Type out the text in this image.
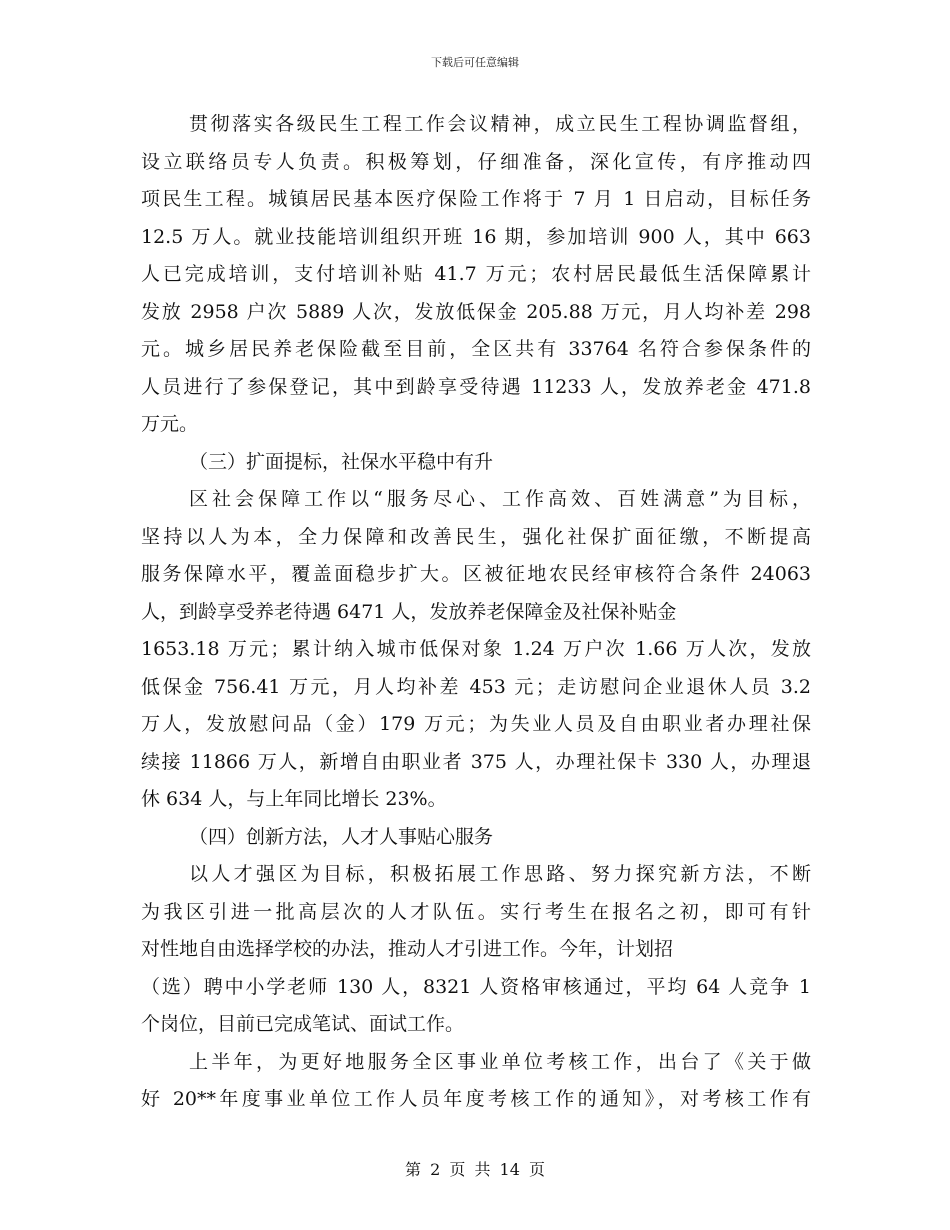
下载后可任意编辑
贯彻落实各级民生工程工作会议精神，成立民生工程协调监督组，
设立联络员专人负责。积极筹划，仔细准备，深化宣传，有序推动四
项民生工程。城镇居民基本医疗保险工作将于 7 月 1 日启动，目标任务
12.5 万人。就业技能培训组织开班 16 期，参加培训 900 人，其中 663
人已完成培训，支付培训补贴 41.7 万元；农村居民最低生活保障累计
发放 2958 户次 5889 人次，发放低保金 205.88 万元，月人均补差 298
元。城乡居民养老保险截至目前，全区共有 33764 名符合参保条件的
人员进行了参保登记，其中到龄享受待遇 11233 人，发放养老金 471.8
万元。
（三）扩面提标，社保水平稳中有升
区社会保障工作以“服务尽心、工作高效、百姓满意”为目标，
坚持以人为本，全力保障和改善民生，强化社保扩面征缴，不断提高
服务保障水平，覆盖面稳步扩大。区被征地农民经审核符合条件 24063
人，到龄享受养老待遇 6471 人，发放养老保障金及社保补贴金
1653.18 万元；累计纳入城市低保对象 1.24 万户次 1.66 万人次，发放
低保金 756.41 万元，月人均补差 453 元；走访慰问企业退休人员 3.2
万人，发放慰问品（金）179 万元；为失业人员及自由职业者办理社保
续接 11866 万人，新增自由职业者 375 人，办理社保卡 330 人，办理退
休 634 人，与上年同比增长 23%。
（四）创新方法，人才人事贴心服务
以人才强区为目标，积极拓展工作思路、努力探究新方法，不断
为我区引进一批高层次的人才队伍。实行考生在报名之初，即可有针
对性地自由选择学校的办法，推动人才引进工作。今年，计划招
（选）聘中小学老师 130 人，8321 人资格审核通过，平均 64 人竞争 1
个岗位，目前已完成笔试、面试工作。
上半年，为更好地服务全区事业单位考核工作，出台了《关于做
好 20**年度事业单位工作人员年度考核工作的通知》，对考核工作有
第 2 页 共 14 页
